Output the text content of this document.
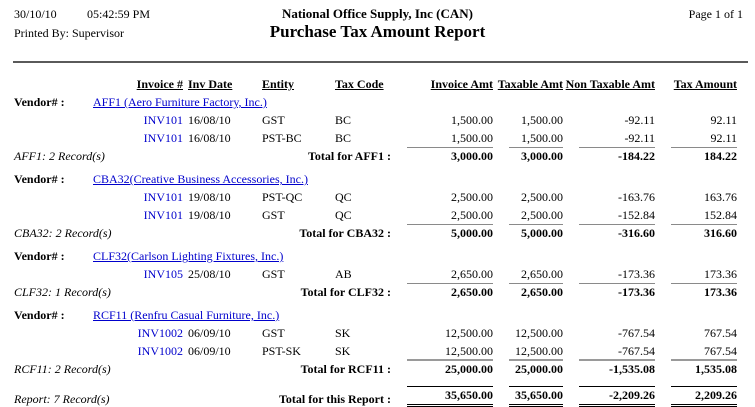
30/10/10	05:42:59 PM	National Office Supply, Inc (CAN)	Page 1 of 1
Printed By: Supervisor	Purchase Tax Amount Report
	Invoice #	Inv Date	Entity	Tax Code	Invoice Amt	Taxable Amt	Non Taxable Amt	Tax Amount
Vendor# :	AFF1 (Aero Furniture Factory, Inc.)							
	INV101	16/08/10	GST	BC	1,500.00	1,500.00	-92.11	92.11
	INV101	16/08/10	PST-BC	BC	1,500.00	1,500.00	-92.11	92.11
AFF1: 2 Record(s)		Total for AFF1 :			3,000.00	3,000.00	-184.22	184.22

Vendor# :	CBA32(Creative Business Accessories, Inc.)							
	INV101	19/08/10	PST-QC	QC	2,500.00	2,500.00	-163.76	163.76
	INV101	19/08/10	GST	QC	2,500.00	2,500.00	-152.84	152.84
CBA32: 2 Record(s)		Total for CBA32 :			5,000.00	5,000.00	-316.60	316.60

Vendor# :	CLF32(Carlson Lighting Fixtures, Inc.)							
	INV105	25/08/10	GST	AB	2,650.00	2,650.00	-173.36	173.36
CLF32: 1 Record(s)		Total for CLF32 :			2,650.00	2,650.00	-173.36	173.36

Vendor# :	RCF11 (Renfru Casual Furniture, Inc.)							
	INV1002	06/09/10	GST	SK	12,500.00	12,500.00	-767.54	767.54
	INV1002	06/09/10	PST-SK	SK	12,500.00	12,500.00	-767.54	767.54
RCF11: 2 Record(s)		Total for RCF11 :			25,000.00	25,000.00	-1,535.08	1,535.08

Report: 7 Record(s)		Total for this Report :			35,650.00	35,650.00	-2,209.26	2,209.26
